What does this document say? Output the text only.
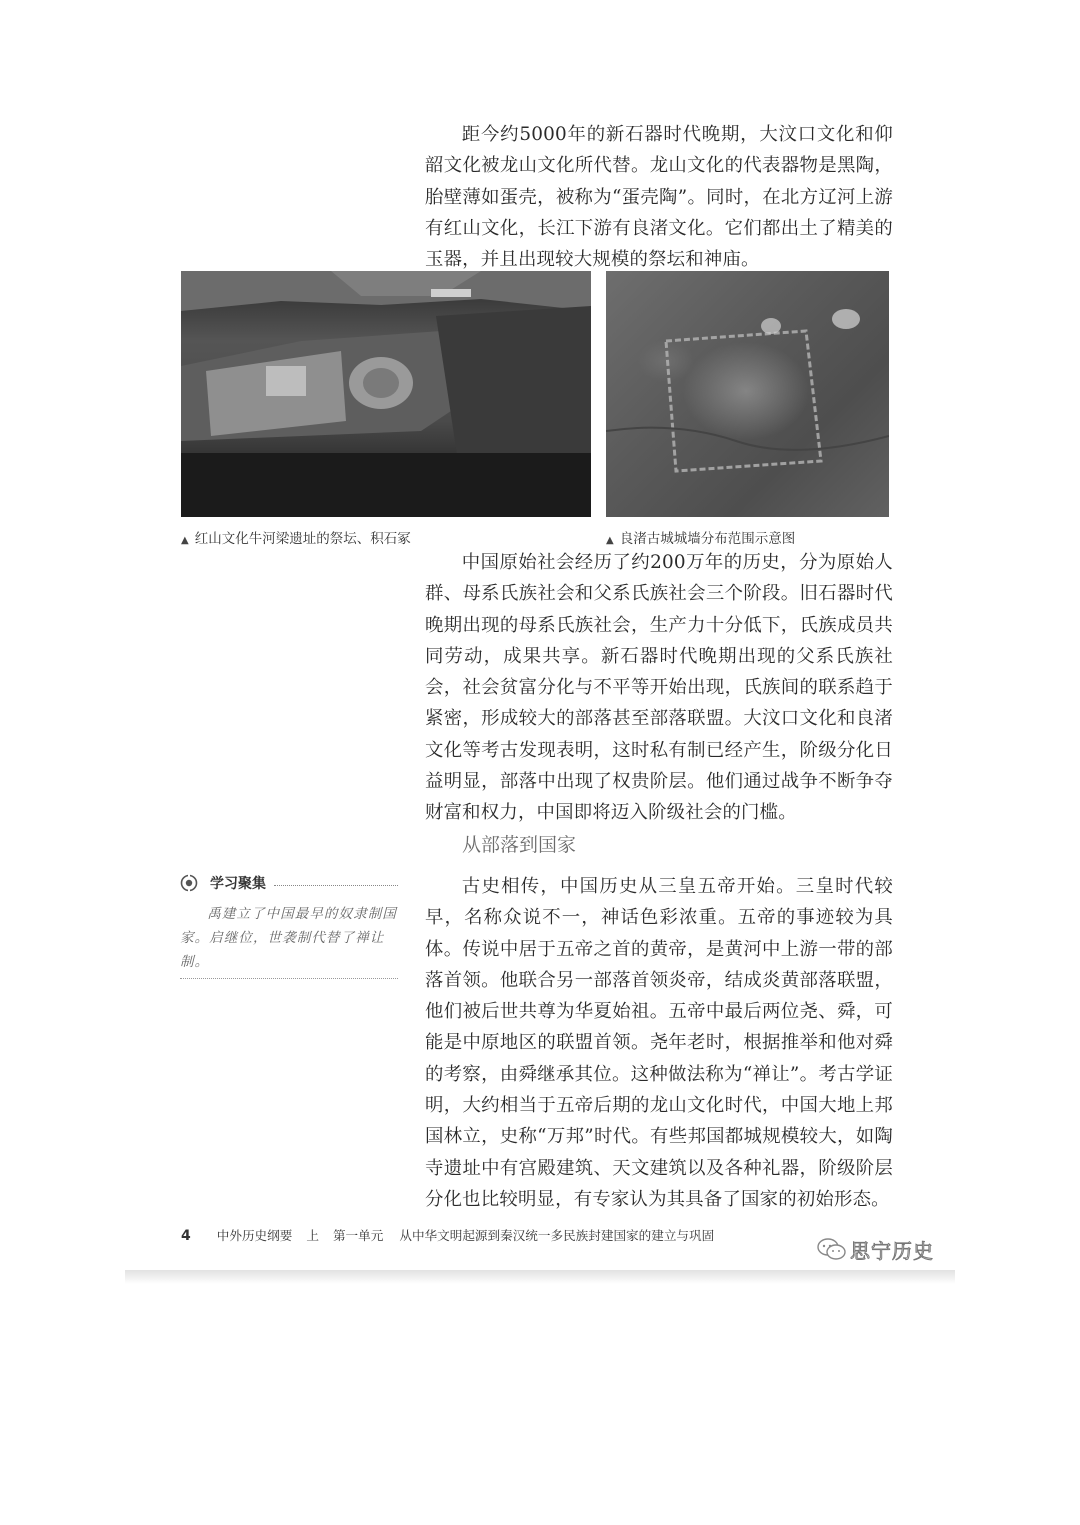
距今约5000年的新石器时代晚期，大汶口文化和仰韶文化被龙山文化所代替。龙山文化的代表器物是黑陶，胎壁薄如蛋壳，被称为“蛋壳陶”。同时，在北方辽河上游有红山文化，长江下游有良渚文化。它们都出土了精美的玉器，并且出现较大规模的祭坛和神庙。

▲ 红山文化牛河梁遗址的祭坛、积石冢	▲ 良渚古城城墙分布范围示意图

中国原始社会经历了约200万年的历史，分为原始人群、母系氏族社会和父系氏族社会三个阶段。旧石器时代晚期出现的母系氏族社会，生产力十分低下，氏族成员共同劳动，成果共享。新石器时代晚期出现的父系氏族社会，社会贫富分化与不平等开始出现，氏族间的联系趋于紧密，形成较大的部落甚至部落联盟。大汶口文化和良渚文化等考古发现表明，这时私有制已经产生，阶级分化日益明显，部落中出现了权贵阶层。他们通过战争不断争夺财富和权力，中国即将迈入阶级社会的门槛。

从部落到国家
学习聚集

禹建立了中国最早的奴隶制国家。启继位，世袭制代替了禅让制。

古史相传，中国历史从三皇五帝开始。三皇时代较早，名称众说不一，神话色彩浓重。五帝的事迹较为具体。传说中居于五帝之首的黄帝，是黄河中上游一带的部落首领。他联合另一部落首领炎帝，结成炎黄部落联盟，他们被后世共尊为华夏始祖。五帝中最后两位尧、舜，可能是中原地区的联盟首领。尧年老时，根据推举和他对舜的考察，由舜继承其位。这种做法称为“禅让”。考古学证明，大约相当于五帝后期的龙山文化时代，中国大地上邦国林立，史称“万邦”时代。有些邦国都城规模较大，如陶寺遗址中有宫殿建筑、天文建筑以及各种礼器，阶级阶层分化也比较明显，有专家认为其具备了国家的初始形态。

4 中外历史纲要 上 第一单元 从中华文明起源到秦汉统一多民族封建国家的建立与巩固
思宁历史
